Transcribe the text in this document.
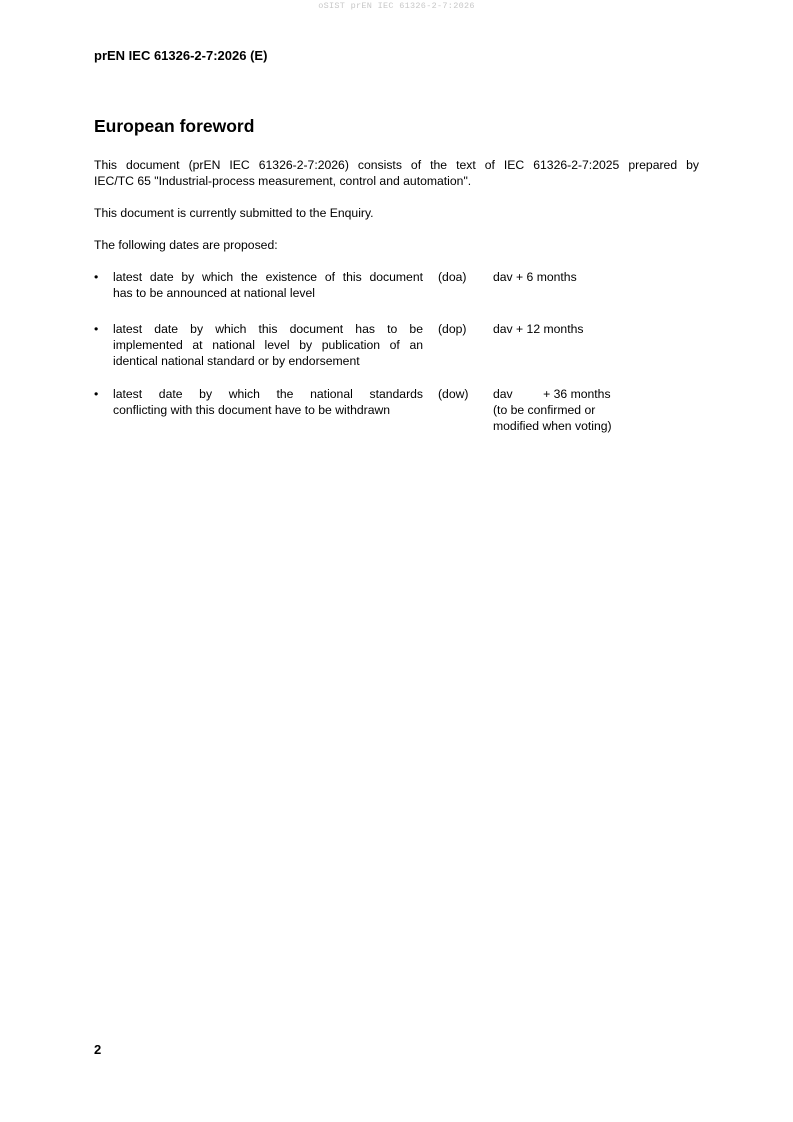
oSIST prEN IEC 61326-2-7:2026
prEN IEC 61326-2-7:2026 (E)
European foreword
This document (prEN IEC 61326-2-7:2026) consists of the text of IEC 61326-2-7:2025 prepared by
IEC/TC 65 "Industrial-process measurement, control and automation".
This document is currently submitted to the Enquiry.
The following dates are proposed:
• latest date by which the existence of this document
has to be announced at national level
(doa) dav + 6 months
• latest date by which this document has to be
implemented at national level by publication of an
identical national standard or by endorsement
(dop) dav + 12 months
• latest date by which the national standards
conflicting with this document have to be withdrawn
(dow) dav         + 36 months
(to be confirmed or
modified when voting)
2
